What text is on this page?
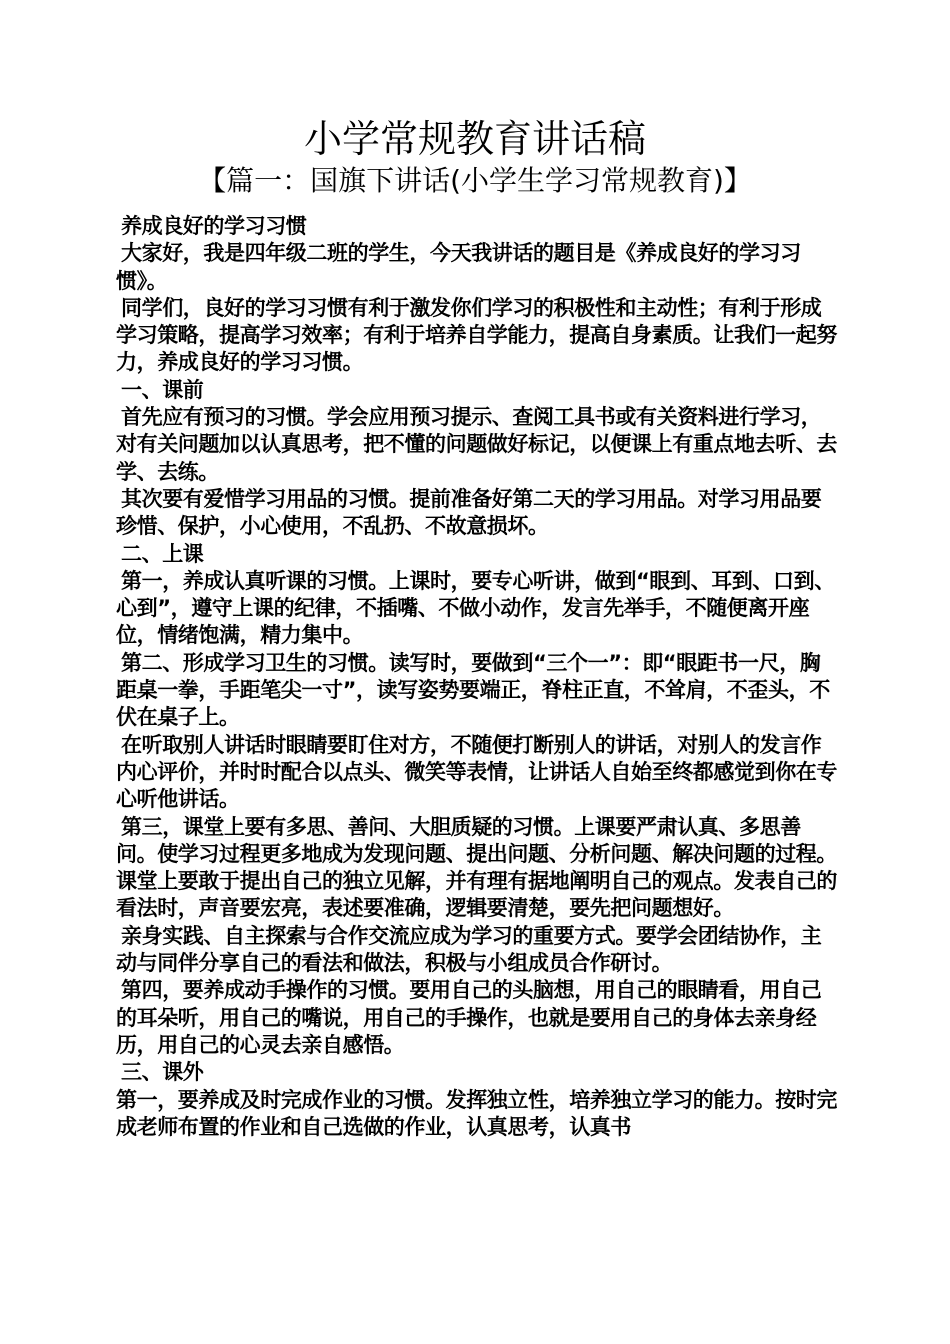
小学常规教育讲话稿
【篇一：国旗下讲话(小学生学习常规教育)】

养成良好的学习习惯

大家好，我是四年级二班的学生，今天我讲话的题目是《养成良好的学习习惯》。

同学们，良好的学习习惯有利于激发你们学习的积极性和主动性；有利于形成学习策略，提高学习效率；有利于培养自学能力，提高自身素质。让我们一起努力，养成良好的学习习惯。

一、课前

首先应有预习的习惯。学会应用预习提示、查阅工具书或有关资料进行学习，对有关问题加以认真思考，把不懂的问题做好标记，以便课上有重点地去听、去学、去练。

其次要有爱惜学习用品的习惯。提前准备好第二天的学习用品。对学习用品要珍惜、保护，小心使用，不乱扔、不故意损坏。

二、上课

第一，养成认真听课的习惯。上课时，要专心听讲，做到“眼到、耳到、口到、心到”，遵守上课的纪律，不插嘴、不做小动作，发言先举手，不随便离开座位，情绪饱满，精力集中。

第二、形成学习卫生的习惯。读写时，要做到“三个一”：即“眼距书一尺，胸距桌一拳，手距笔尖一寸”，读写姿势要端正，脊柱正直，不耸肩，不歪头，不伏在桌子上。

在听取别人讲话时眼睛要盯住对方，不随便打断别人的讲话，对别人的发言作内心评价，并时时配合以点头、微笑等表情，让讲话人自始至终都感觉到你在专心听他讲话。

第三，课堂上要有多思、善问、大胆质疑的习惯。上课要严肃认真、多思善问。使学习过程更多地成为发现问题、提出问题、分析问题、解决问题的过程。课堂上要敢于提出自己的独立见解，并有理有据地阐明自己的观点。发表自己的看法时，声音要宏亮，表述要准确，逻辑要清楚，要先把问题想好。

亲身实践、自主探索与合作交流应成为学习的重要方式。要学会团结协作，主动与同伴分享自己的看法和做法，积极与小组成员合作研讨。

第四，要养成动手操作的习惯。要用自己的头脑想，用自己的眼睛看，用自己的耳朵听，用自己的嘴说，用自己的手操作，也就是要用自己的身体去亲身经历，用自己的心灵去亲自感悟。

三、课外

第一，要养成及时完成作业的习惯。发挥独立性，培养独立学习的能力。按时完成老师布置的作业和自己选做的作业，认真思考，认真书
